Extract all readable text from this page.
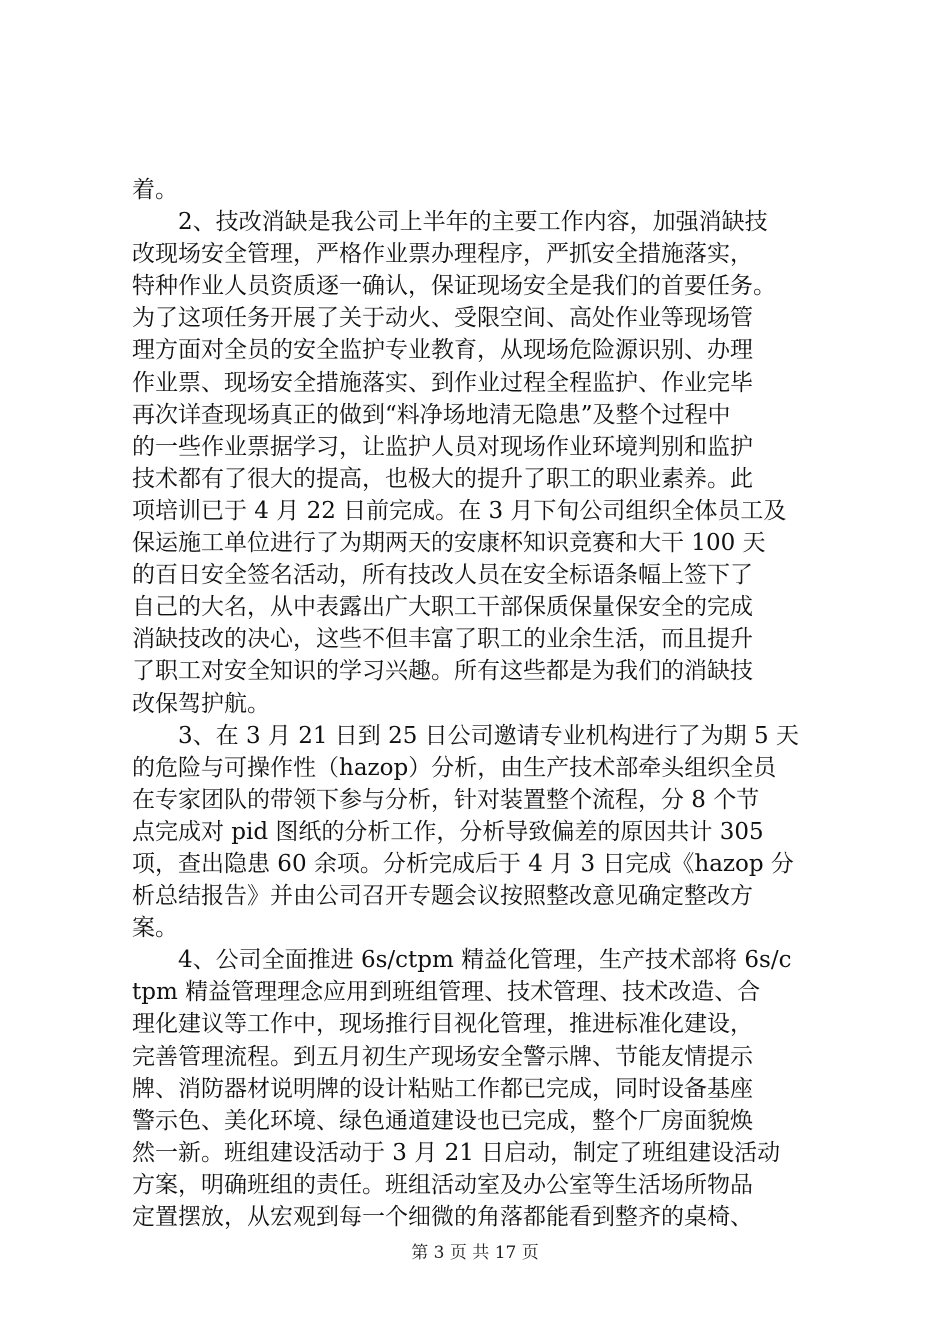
着。
　　2、技改消缺是我公司上半年的主要工作内容，加强消缺技
改现场安全管理，严格作业票办理程序，严抓安全措施落实，
特种作业人员资质逐一确认，保证现场安全是我们的首要任务。
为了这项任务开展了关于动火、受限空间、高处作业等现场管
理方面对全员的安全监护专业教育，从现场危险源识别、办理
作业票、现场安全措施落实、到作业过程全程监护、作业完毕
再次详查现场真正的做到“料净场地清无隐患”及整个过程中
的一些作业票据学习，让监护人员对现场作业环境判别和监护
技术都有了很大的提高，也极大的提升了职工的职业素养。此
项培训已于 4 月 22 日前完成。在 3 月下旬公司组织全体员工及
保运施工单位进行了为期两天的安康杯知识竞赛和大干 100 天
的百日安全签名活动，所有技改人员在安全标语条幅上签下了
自己的大名，从中表露出广大职工干部保质保量保安全的完成
消缺技改的决心，这些不但丰富了职工的业余生活，而且提升
了职工对安全知识的学习兴趣。所有这些都是为我们的消缺技
改保驾护航。
　　3、在 3 月 21 日到 25 日公司邀请专业机构进行了为期 5 天
的危险与可操作性（hazop）分析，由生产技术部牵头组织全员
在专家团队的带领下参与分析，针对装置整个流程，分 8 个节
点完成对 pid 图纸的分析工作，分析导致偏差的原因共计 305
项，查出隐患 60 余项。分析完成后于 4 月 3 日完成《hazop 分
析总结报告》并由公司召开专题会议按照整改意见确定整改方
案。
　　4、公司全面推进 6s/ctpm 精益化管理，生产技术部将 6s/c
tpm 精益管理理念应用到班组管理、技术管理、技术改造、合
理化建议等工作中，现场推行目视化管理，推进标准化建设，
完善管理流程。到五月初生产现场安全警示牌、节能友情提示
牌、消防器材说明牌的设计粘贴工作都已完成，同时设备基座
警示色、美化环境、绿色通道建设也已完成，整个厂房面貌焕
然一新。班组建设活动于 3 月 21 日启动，制定了班组建设活动
方案，明确班组的责任。班组活动室及办公室等生活场所物品
定置摆放，从宏观到每一个细微的角落都能看到整齐的桌椅、
第 3 页 共 17 页
